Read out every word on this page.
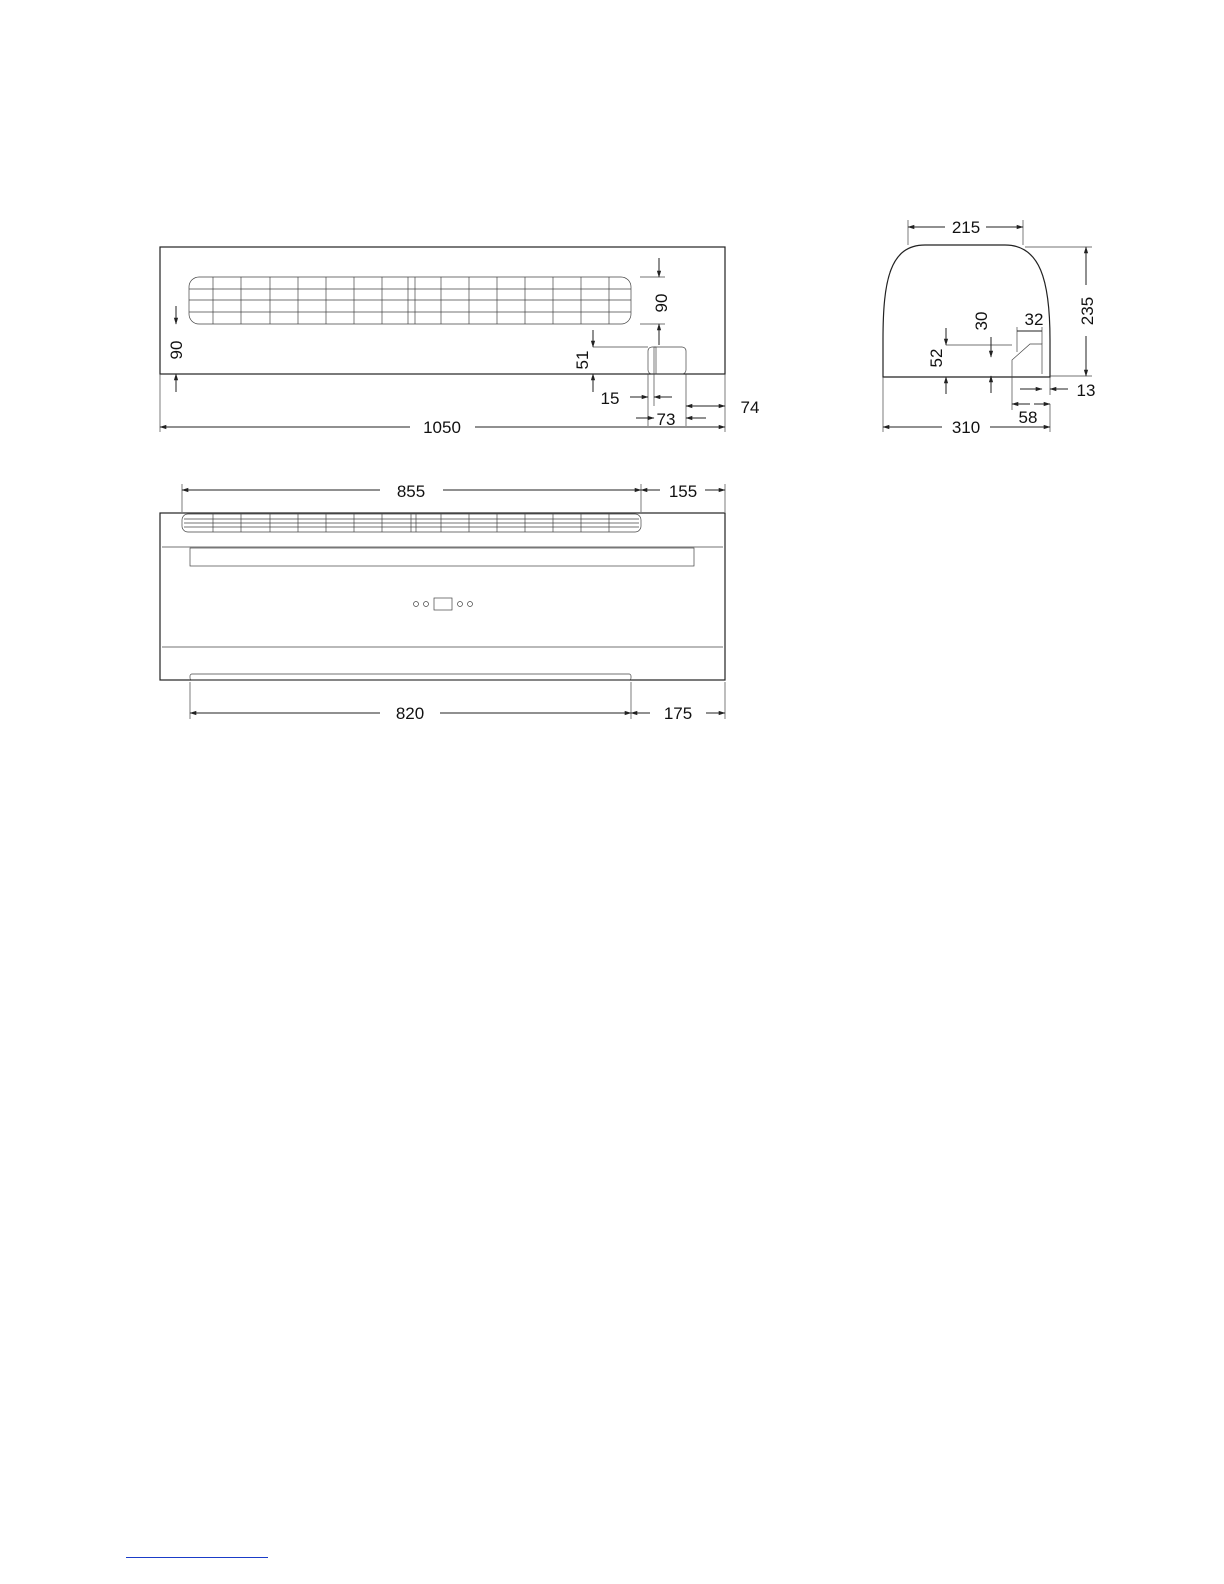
90
90
51
15	74
73
1050
215
235
52
30 32
13
58
310
855	155
820	175
